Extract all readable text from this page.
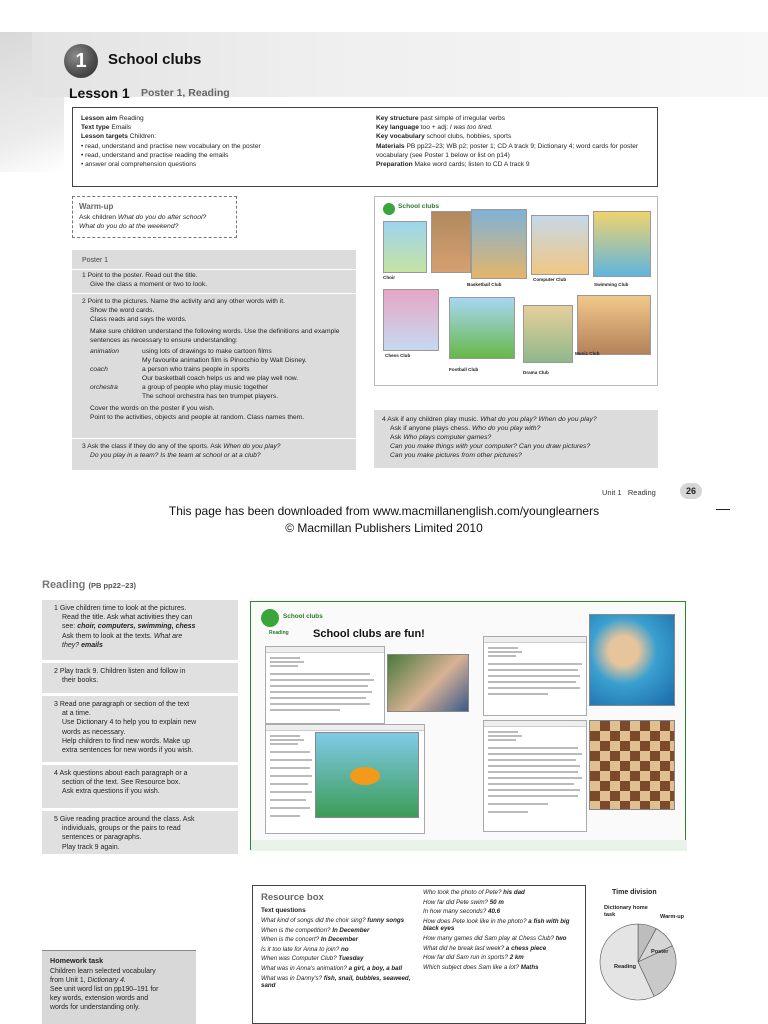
1	School clubs
Lesson 1 Poster 1, Reading
Lesson aim Reading
Text type Emails
Lesson targets Children:
• read, understand and practise new vocabulary on the poster
• read, understand and practise reading the emails
• answer oral comprehension questions
Key structure past simple of irregular verbs
Key language too + adj: I was too tired.
Key vocabulary school clubs, hobbies, sports
Materials PB pp22–23; WB p2; poster 1; CD A track 9; Dictionary 4; word cards for poster vocabulary (see Poster 1 below or list on p14)
Preparation Make word cards; listen to CD A track 9
Warm-up
Ask children What do you do after school?
What do you do at the weekend?
Poster 1
1 Point to the poster. Read out the title.
Give the class a moment or two to look.
2 Point to the pictures. Name the activity and any other words with it.
Show the word cards.
Class reads and says the words.
Make sure children understand the following words. Use the definitions and example sentences as necessary to ensure understanding:
animation	using lots of drawings to make cartoon films
My favourite animation film is Pinocchio by Walt Disney.
coach	a person who trains people in sports
Our basketball coach helps us and we play well now.
orchestra	a group of people who play music together
The school orchestra has ten trumpet players.
Cover the words on the poster if you wish.
Point to the activities, objects and people at random. Class names them.
3 Ask the class if they do any of the sports. Ask When do you play?
Do you play in a team? Is the team at school or at a club?
School clubs
Choir
Basketball Club
Computer Club
Swimming Club
Chess Club
Football Club
Drama Club
Music Club
4 Ask if any children play music. What do you play? When do you play?
Ask if anyone plays chess. Who do you play with?
Ask Who plays computer games?
Can you make things with your computer? Can you draw pictures?
Can you make pictures from other pictures?
Unit 1 Reading	26
This page has been downloaded from www.macmillanenglish.com/younglearners
© Macmillan Publishers Limited 2010
Reading (PB pp22–23)
1 Give children time to look at the pictures.
Read the title. Ask what activities they can
see: choir, computers, swimming, chess
Ask them to look at the texts. What are
they? emails
2 Play track 9. Children listen and follow in
their books.
3 Read one paragraph or section of the text
at a time.
Use Dictionary 4 to help you to explain new
words as necessary.
Help children to find new words. Make up
extra sentences for new words if you wish.
4 Ask questions about each paragraph or a
section of the text. See Resource box.
Ask extra questions if you wish.
5 Give reading practice around the class. Ask
individuals, groups or the pairs to read
sentences or paragraphs.
Play track 9 again.
School clubs
Reading School clubs are fun!
Resource box
Text questions
What kind of songs did the choir sing? funny songs
When is the competition? In December
When is the concert? In December
Is it too late for Anna to join? no
When was Computer Club? Tuesday
What was in Anna's animation? a girl, a boy, a ball
What was in Danny's? fish, snail, bubbles, seaweed, sand
Who took the photo of Pete? his dad
How far did Pete swim? 50 m
In how many seconds? 40.6
How does Pete look like in the photo? a fish with big black eyes
How many games did Sam play at Chess Club? two
What did he break last week? a chess piece
How far did Sam run in sports? 2 km
Which subject does Sam like a lot? Maths
Homework task
Children learn selected vocabulary
from Unit 1, Dictionary 4.
See unit word list on pp190–191 for
key words, extension words and
words for understanding only.
Time division
Dictionary home task	Warm-up
Poster
Reading
